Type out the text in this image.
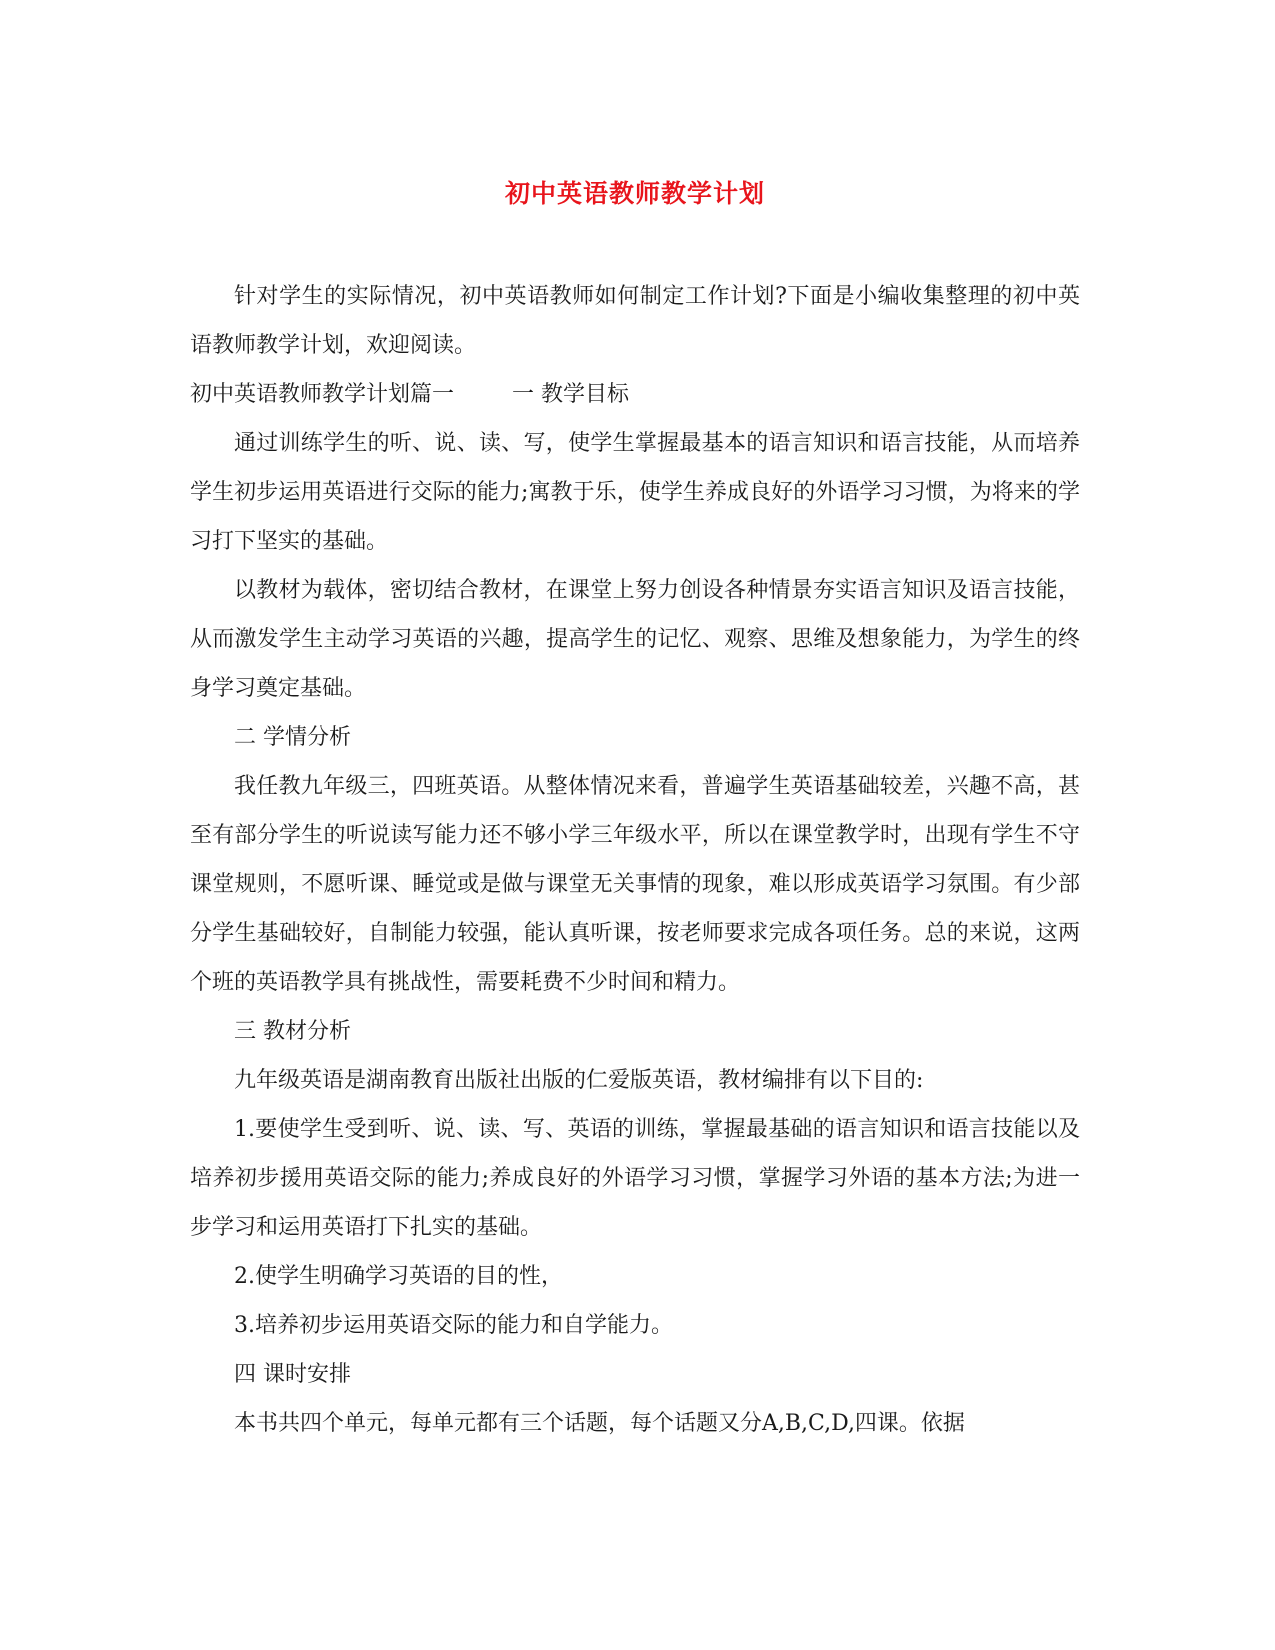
初中英语教师教学计划

针对学生的实际情况，初中英语教师如何制定工作计划?下面是小编收集整理的初中英语教师教学计划，欢迎阅读。

初中英语教师教学计划篇一	一 教学目标

通过训练学生的听、说、读、写，使学生掌握最基本的语言知识和语言技能，从而培养学生初步运用英语进行交际的能力;寓教于乐，使学生养成良好的外语学习习惯，为将来的学习打下坚实的基础。

以教材为载体，密切结合教材，在课堂上努力创设各种情景夯实语言知识及语言技能，从而激发学生主动学习英语的兴趣，提高学生的记忆、观察、思维及想象能力，为学生的终身学习奠定基础。

二 学情分析

我任教九年级三，四班英语。从整体情况来看，普遍学生英语基础较差，兴趣不高，甚至有部分学生的听说读写能力还不够小学三年级水平，所以在课堂教学时，出现有学生不守课堂规则，不愿听课、睡觉或是做与课堂无关事情的现象，难以形成英语学习氛围。有少部分学生基础较好，自制能力较强，能认真听课，按老师要求完成各项任务。总的来说，这两个班的英语教学具有挑战性，需要耗费不少时间和精力。

三 教材分析

九年级英语是湖南教育出版社出版的仁爱版英语，教材编排有以下目的:

1.要使学生受到听、说、读、写、英语的训练，掌握最基础的语言知识和语言技能以及培养初步援用英语交际的能力;养成良好的外语学习习惯，掌握学习外语的基本方法;为进一步学习和运用英语打下扎实的基础。

2.使学生明确学习英语的目的性，

3.培养初步运用英语交际的能力和自学能力。

四 课时安排

本书共四个单元，每单元都有三个话题，每个话题又分A,B,C,D,四课。依据
